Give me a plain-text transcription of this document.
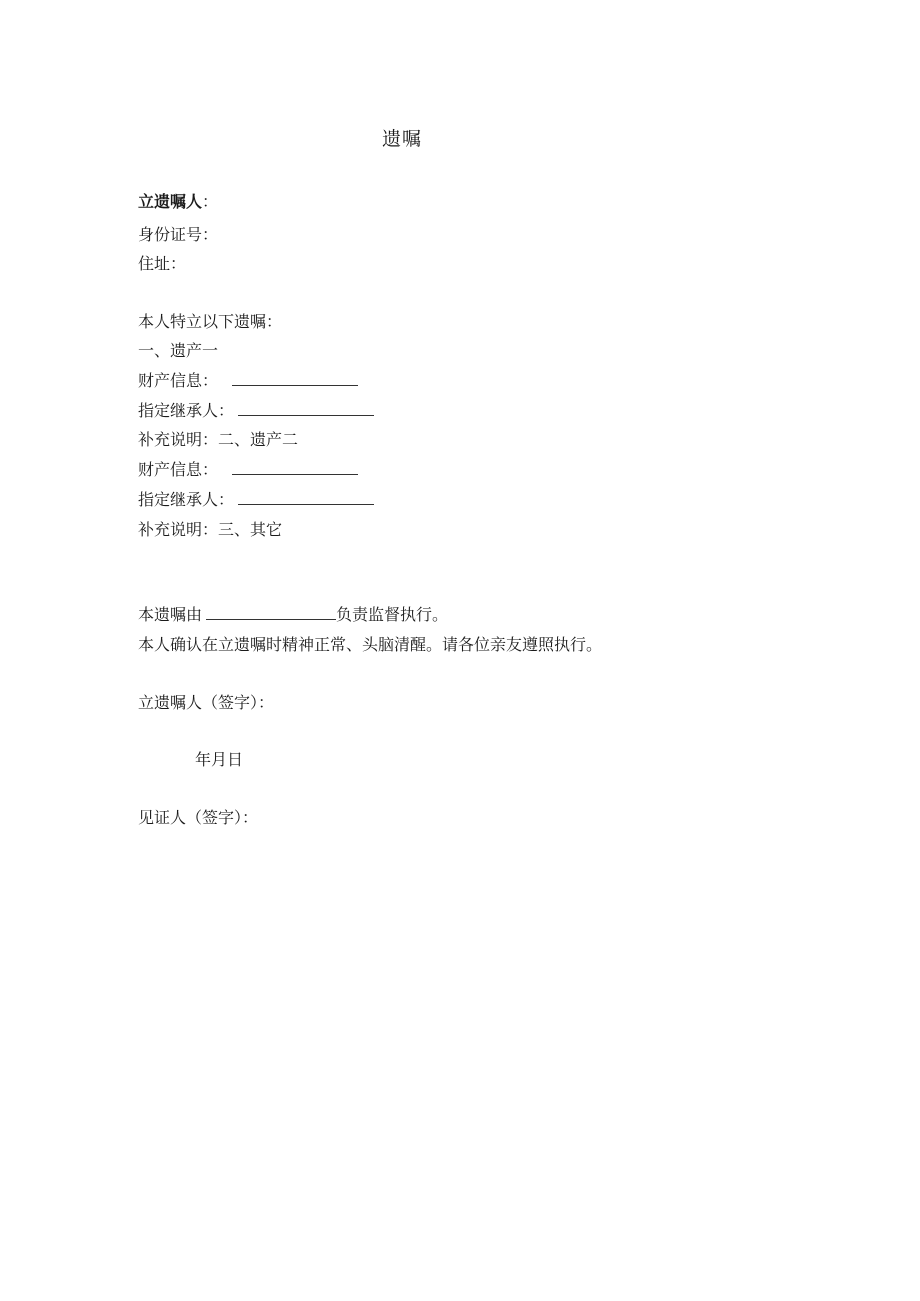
遗嘱
立遗嘱人：
身份证号：
住址：
本人特立以下遗嘱：
一、遗产一
财产信息：
指定继承人：
补充说明：二、遗产二
财产信息：
指定继承人：
补充说明：三、其它
本遗嘱由	负责监督执行。
本人确认在立遗嘱时精神正常、头脑清醒。请各位亲友遵照执行。
立遗嘱人（签字）：
年月日
见证人（签字）：
